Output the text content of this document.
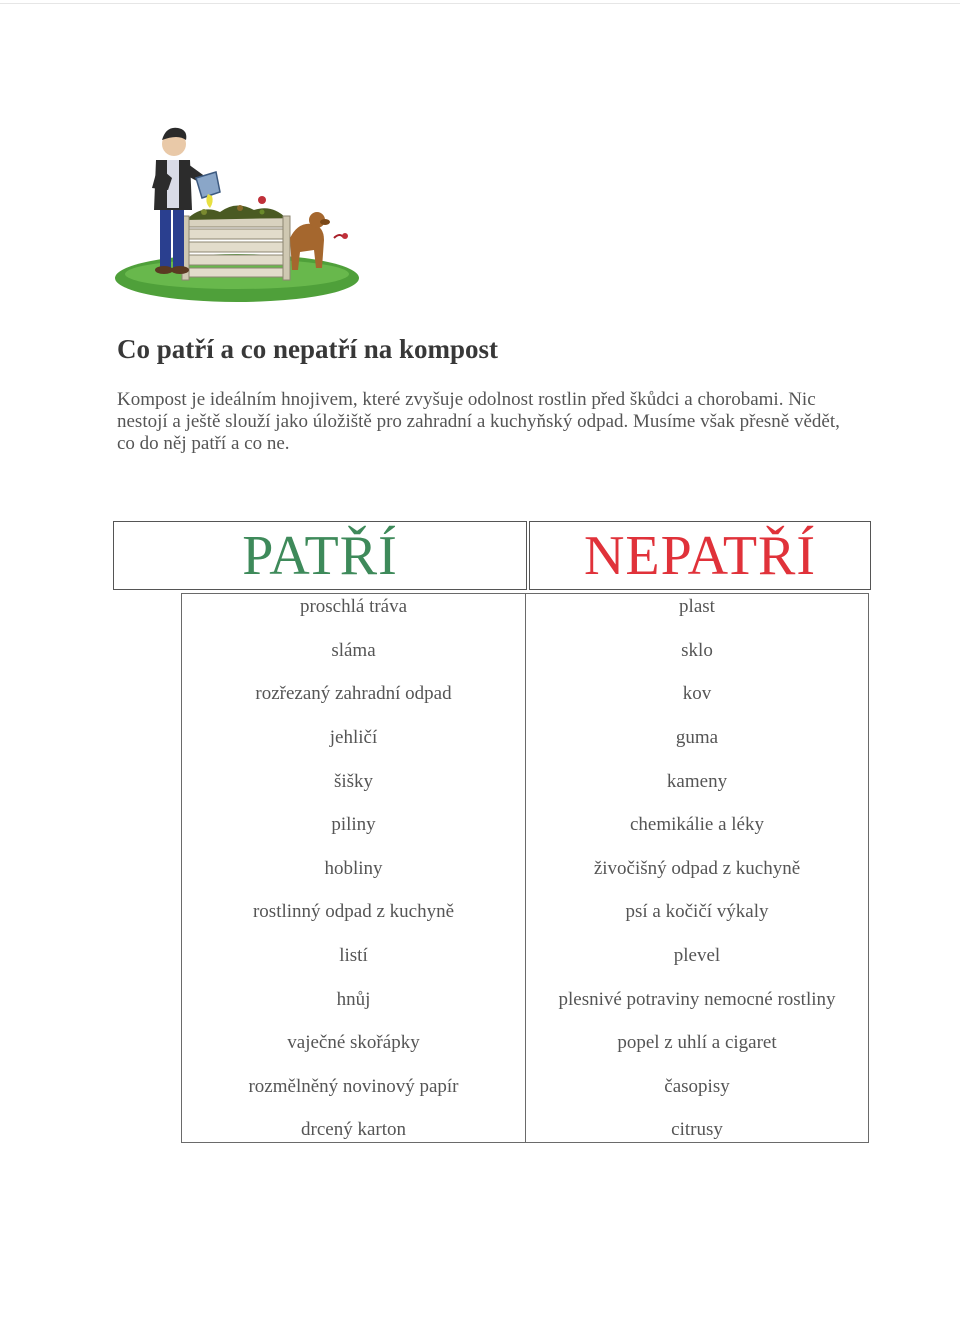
Co patří a co nepatří na kompost

Kompost je ideálním hnojivem, které zvyšuje odolnost rostlin před škůdci a chorobami. Nic nestojí a ještě slouží jako úložiště pro zahradní a kuchyňský odpad. Musíme však přesně vědět, co do něj patří a co ne.

PATŘÍ	NEPATŘÍ
proschlá tráva
sláma
rozřezaný zahradní odpad
jehličí
šišky
piliny
hobliny
rostlinný odpad z kuchyně
listí
hnůj
vaječné skořápky
rozmělněný novinový papír
drcený karton
plast
sklo
kov
guma
kameny
chemikálie a léky
živočišný odpad z kuchyně
psí a kočičí výkaly
plevel
plesnivé potraviny nemocné rostliny
popel z uhlí a cigaret
časopisy
citrusy
